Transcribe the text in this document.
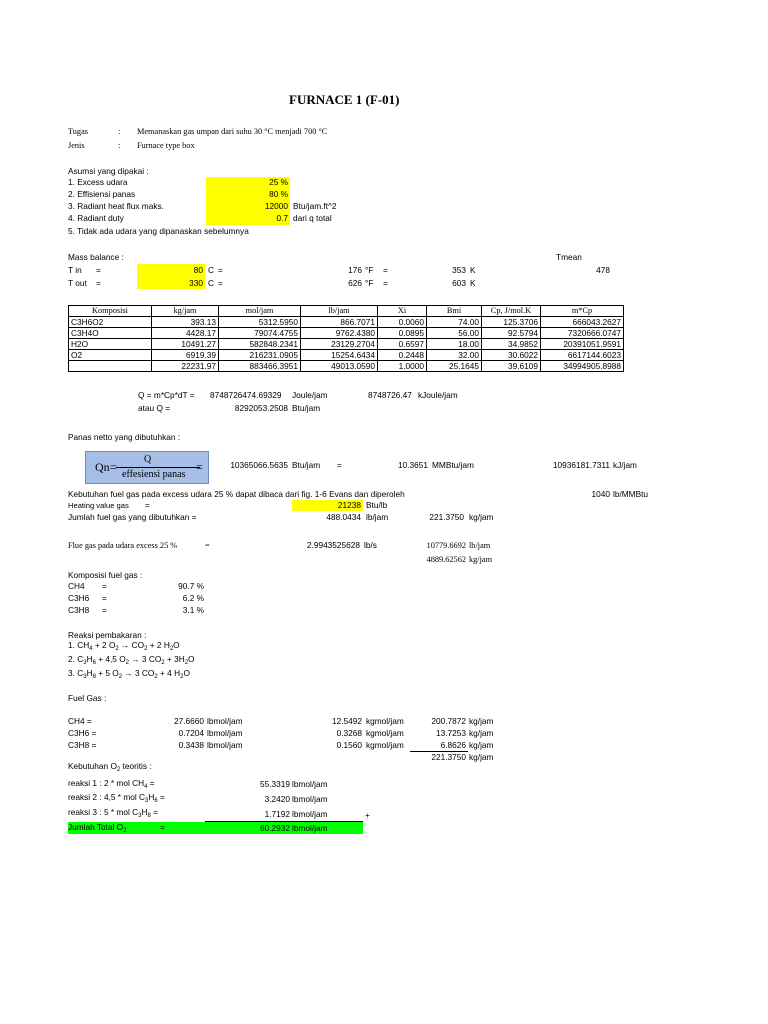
FURNACE 1 (F-01)
Tugas	: Memanaskan gas umpan dari suhu 30 °C menjadi 700 °C
Jenis	: Furnace type box
Asumsi yang dipakai :
1. Excess udara	25 %
2. Effisiensi panas	80 %
3. Radiant heat flux maks.	12000 Btu/jam.ft^2
4. Radiant duty	0.7 dari q total
5. Tidak ada udara yang dipanaskan sebelumnya
Mass balance :	Tmean
478
T in =	80 C =	176 °F =	353 K
T out =	330 C =	626 °F =	603 K
Komposisi	kg/jam	mol/jam	lb/jam	Xi	Bmi	Cp, J/mol.K	m*Cp
C3H6O2	393.13	5312.5950	866.7071	0.0060	74.00	125.3706	666043.2627
C3H4O	4428.17	79074.4755	9762.4380	0.0895	56.00	92.5794	7320666.0747
H2O	10491.27	582848.2341	23129.2704	0.6597	18.00	34.9852	20391051.9591
O2	6919.39	216231.0905	15254.6434	0.2448	32.00	30.6022	6617144.6023
	22231.97	883466.3951	49013.0590	1.0000	25.1645	39.6109	34994905.8988
Q = m*Cp*dT = 8748726474.69329 Joule/jam	8748726.47 kJoule/jam
atau Q =	8292053.2508 Btu/jam
Panas netto yang dibutuhkan :
Qn =
Q
effesiensi panas
=	10365066.5635 Btu/jam =	10.3651 MMBtu/jam	10936181.7311 kJ/jam
Kebutuhan fuel gas pada excess udara 25 % dapat dibaca dari fig. 1-6 Evans dan diperoleh	1040 lb/MMBtu
Heating value gas =	21238 Btu/lb
Jumlah fuel gas yang dibutuhkan =	488.0434 lb/jam	221.3750 kg/jam
Flue gas pada udara excess 25 %	=	2.9943525628 lb/s	10779.6692 lb/jam
4889.62562 kg/jam
Komposisi fuel gas :
CH4 =	90.7 %
C3H6 =	6.2 %
C3H8 =	3.1 %
Reaksi pembakaran :
1. $CH_4 + 2$ $O_2 \to CO_2 + 2$ $H_2O$
2. $C_3H_6 + 4,5$ $O_2 \to 3$ $CO_2 + 3H_2O$
3. $C_3H_8 + 5$ $O_2 \to 3$ $CO_2 + 4$ $H_2O$
Fuel Gas :
CH4 =	27.6660 lbmol/jam	12.5492 kgmol/jam	200.7872 kg/jam
C3H6 =	0.7204 lbmol/jam	0.3268 kgmol/jam	13.7253 kg/jam
C3H8 =	0.3438 lbmol/jam	0.1560 kgmol/jam	6.8626 kg/jam
221.3750 kg/jam
Kebutuhan $O_2$ teoritis :
reaksi 1 : 2 * mol $CH_4$ =	55.3319 lbmol/jam
reaksi 2 : 4,5 * mol $C_3H_6$ =	3.2420 lbmol/jam
reaksi 3 : 5 * mol $C_3H_8$ =	1.7192 lbmol/jam	+
Jumlah Total $O_2$	=	60.2932 lbmol/jam
